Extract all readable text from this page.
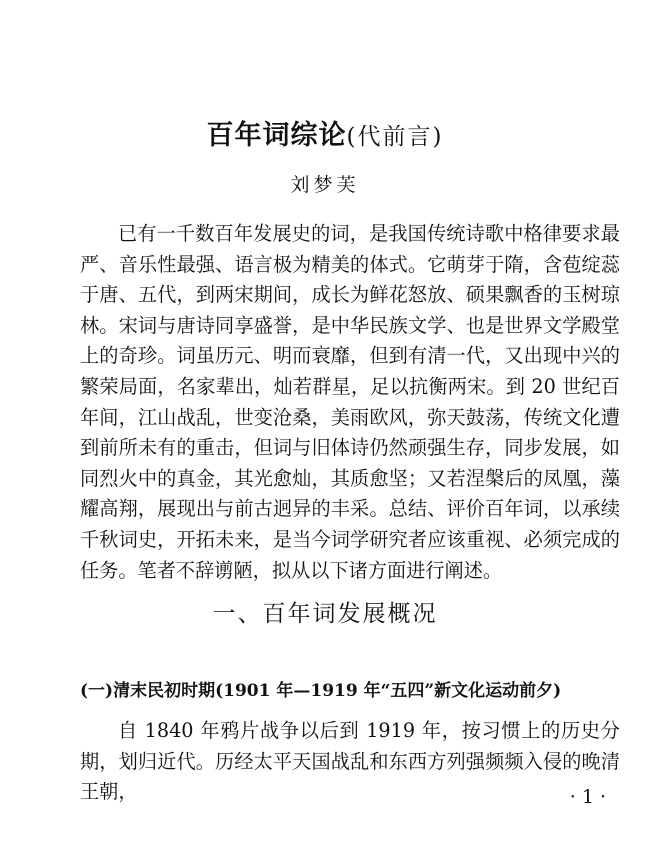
百年词综论(代前言)
刘梦芙

已有一千数百年发展史的词，是我国传统诗歌中格律要求最严、音乐性最强、语言极为精美的体式。它萌芽于隋，含苞绽蕊于唐、五代，到两宋期间，成长为鲜花怒放、硕果飘香的玉树琼林。宋词与唐诗同享盛誉，是中华民族文学、也是世界文学殿堂上的奇珍。词虽历元、明而衰靡，但到有清一代，又出现中兴的繁荣局面，名家辈出，灿若群星，足以抗衡两宋。到 20 世纪百年间，江山战乱，世变沧桑，美雨欧风，弥天鼓荡，传统文化遭到前所未有的重击，但词与旧体诗仍然顽强生存，同步发展，如同烈火中的真金，其光愈灿，其质愈坚；又若涅槃后的凤凰，藻耀高翔，展现出与前古迥异的丰采。总结、评价百年词，以承续千秋词史，开拓未来，是当今词学研究者应该重视、必须完成的任务。笔者不辞谫陋，拟从以下诸方面进行阐述。

一、百年词发展概况
(一)清末民初时期(1901 年—1919 年“五四”新文化运动前夕)

自 1840 年鸦片战争以后到 1919 年，按习惯上的历史分期，划归近代。历经太平天国战乱和东西方列强频频入侵的晚清王朝，	· 1 ·
